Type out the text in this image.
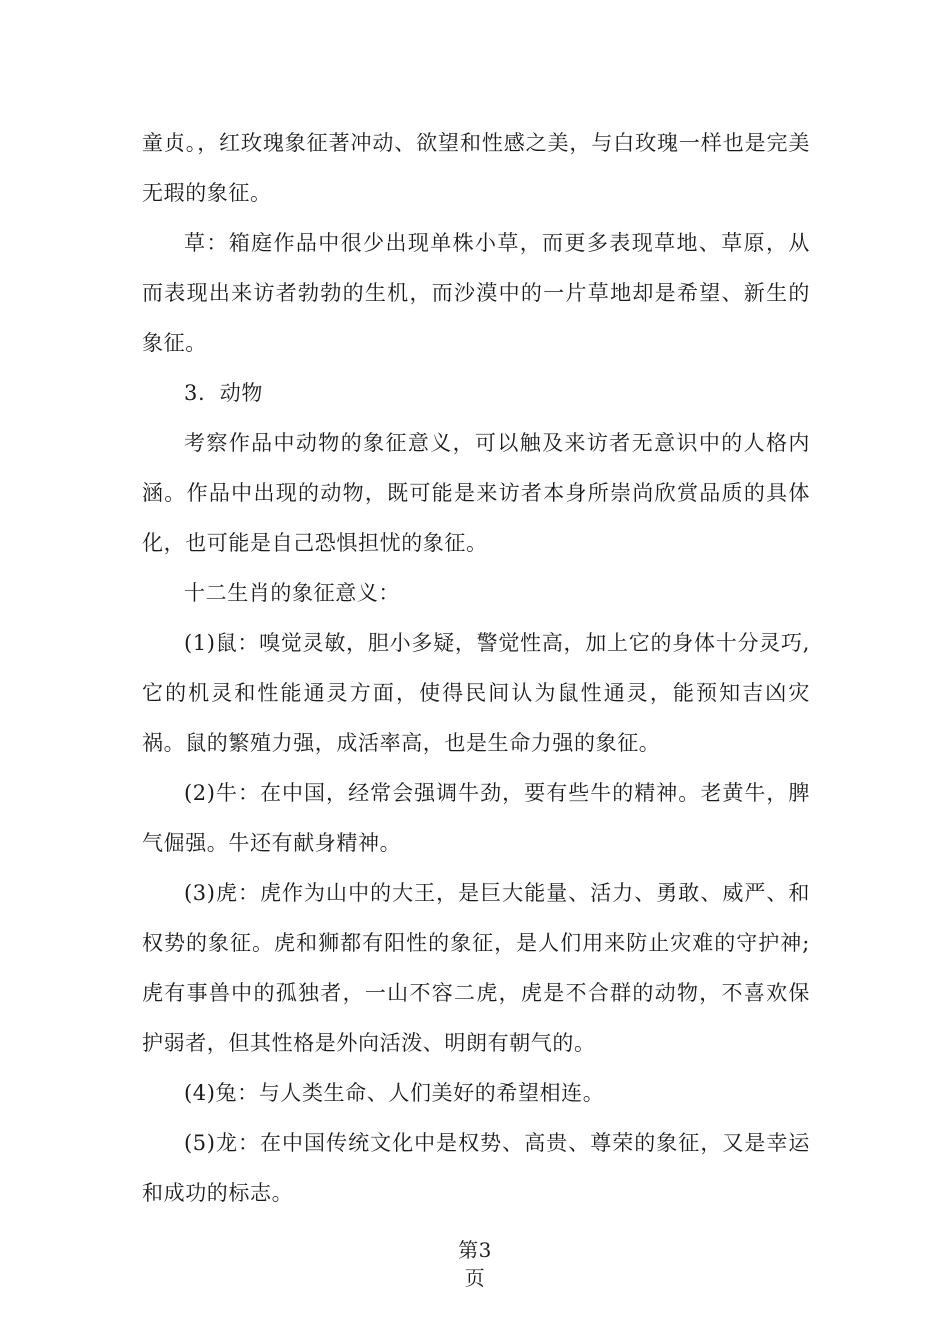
童贞。，红玫瑰象征著冲动、欲望和性感之美，与白玫瑰一样也是完美无瑕的象征。

草：箱庭作品中很少出现单株小草，而更多表现草地、草原，从而表现出来访者勃勃的生机，而沙漠中的一片草地却是希望、新生的象征。

3.  动物

考察作品中动物的象征意义，可以触及来访者无意识中的人格内涵。作品中出现的动物，既可能是来访者本身所崇尚欣赏品质的具体化，也可能是自己恐惧担忧的象征。

十二生肖的象征意义：

(1)鼠：嗅觉灵敏，胆小多疑，警觉性高，加上它的身体十分灵巧,它的机灵和性能通灵方面，使得民间认为鼠性通灵，能预知吉凶灾祸。鼠的繁殖力强，成活率高，也是生命力强的象征。

(2)牛：在中国，经常会强调牛劲，要有些牛的精神。老黄牛，脾气倔强。牛还有献身精神。

(3)虎：虎作为山中的大王，是巨大能量、活力、勇敢、威严、和权势的象征。虎和狮都有阳性的象征，是人们用来防止灾难的守护神;虎有事兽中的孤独者，一山不容二虎，虎是不合群的动物，不喜欢保护弱者，但其性格是外向活泼、明朗有朝气的。

(4)兔：与人类生命、人们美好的希望相连。

(5)龙：在中国传统文化中是权势、高贵、尊荣的象征，又是幸运和成功的标志。

第3
页
